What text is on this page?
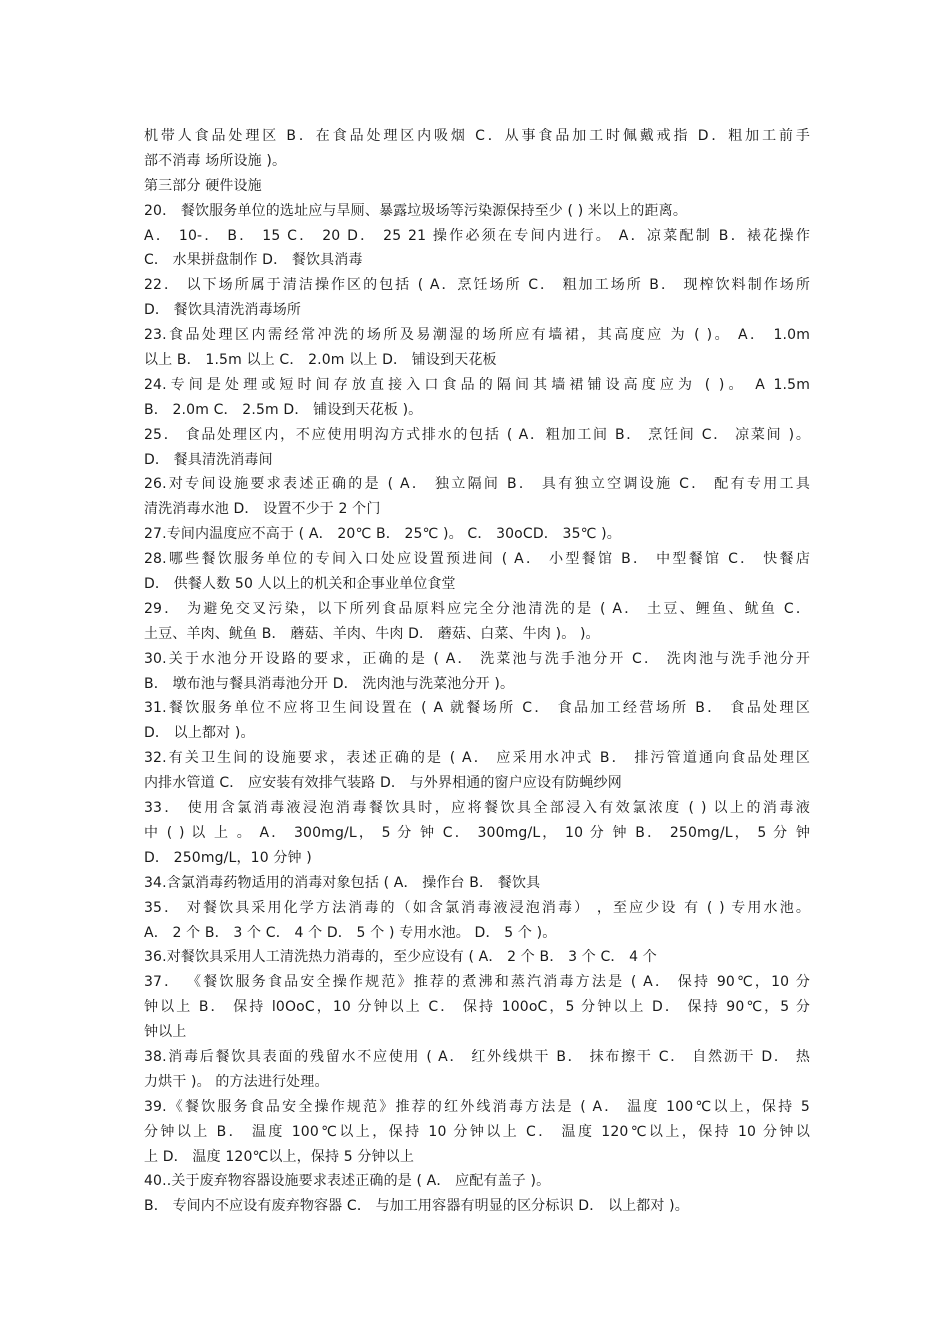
机带人食品处理区 B．在食品处理区内吸烟 C．从事食品加工时佩戴戒指 D．粗加工前手
部不消毒 场所设施 )。
第三部分 硬件设施
20． 餐饮服务单位的选址应与旱厕、暴露垃圾场等污染源保持至少 ( ) 米以上的距离。
A． 10-． B． 15 C． 20 D． 25 21 操作必须在专间内进行。 A．凉菜配制 B．裱花操作
C． 水果拼盘制作 D． 餐饮具消毒
22． 以下场所属于清洁操作区的包括 ( A．烹饪场所 C． 粗加工场所 B． 现榨饮料制作场所
D． 餐饮具清洗消毒场所
23.食品处理区内需经常冲洗的场所及易潮湿的场所应有墙裙，其高度应 为 ( )。 A． 1.0m
以上 B． 1.5m 以上 C． 2.0m 以上 D． 铺设到天花板
24.专间是处理或短时间存放直接入口食品的隔间其墙裙铺设高度应为 ( )。 A 1.5m
B． 2.0m C． 2.5m D． 铺设到天花板 )。
25． 食品处理区内，不应使用明沟方式排水的包括 ( A．粗加工间 B． 烹饪间 C． 凉菜间 )。
D． 餐具清洗消毒间
26.对专间设施要求表述正确的是 ( A． 独立隔间 B． 具有独立空调设施 C． 配有专用工具
清洗消毒水池 D． 设置不少于 2 个门
27.专间内温度应不高于 ( A． 20℃ B． 25℃ )。 C． 30oCD． 35℃ )。
28.哪些餐饮服务单位的专间入口处应设置预进间 ( A． 小型餐馆 B． 中型餐馆 C． 快餐店
D． 供餐人数 50 人以上的机关和企事业单位食堂
29． 为避免交叉污染，以下所列食品原料应完全分池清洗的是 ( A． 土豆、鲤鱼、鱿鱼 C．
土豆、羊肉、鱿鱼 B． 蘑菇、羊肉、牛肉 D． 蘑菇、白菜、牛肉 )。 )。
30.关于水池分开设路的要求，正确的是 ( A． 洗菜池与洗手池分开 C． 洗肉池与洗手池分开
B． 墩布池与餐具消毒池分开 D． 洗肉池与洗菜池分开 )。
31.餐饮服务单位不应将卫生间设置在 ( A 就餐场所 C． 食品加工经营场所 B． 食品处理区
D． 以上都对 )。
32.有关卫生间的设施要求，表述正确的是 ( A． 应采用水冲式 B． 排污管道通向食品处理区
内排水管道 C． 应安装有效排气装路 D． 与外界相通的窗户应设有防蝇纱网
33． 使用含氯消毒液浸泡消毒餐饮具时，应将餐饮具全部浸入有效氯浓度 ( ) 以上的消毒液
中 ( ) 以 上 。 A． 300mg/L， 5 分 钟 C． 300mg/L， 10 分 钟 B． 250mg/L， 5 分 钟
D． 250mg/L，10 分钟 )
34.含氯消毒药物适用的消毒对象包括 ( A． 操作台 B． 餐饮具
35． 对餐饮具采用化学方法消毒的（如含氯消毒液浸泡消毒） ，至应少设 有 ( ) 专用水池。
A． 2 个 B． 3 个 C． 4 个 D． 5 个 ) 专用水池。 D． 5 个 )。
36.对餐饮具采用人工清洗热力消毒的，至少应设有 ( A． 2 个 B． 3 个 C． 4 个
37． 《餐饮服务食品安全操作规范》推荐的煮沸和蒸汽消毒方法是 ( A． 保持 90℃，10 分
钟以上 B． 保持 l0OoC，10 分钟以上 C． 保持 100oC，5 分钟以上 D． 保持 90℃，5 分
钟以上
38.消毒后餐饮具表面的残留水不应使用 ( A． 红外线烘干 B． 抹布擦干 C． 自然沥干 D． 热
力烘干 )。 的方法进行处理。
39.《餐饮服务食品安全操作规范》推荐的红外线消毒方法是 ( A． 温度 100℃以上，保持 5
分钟以上 B． 温度 100℃以上，保持 10 分钟以上 C． 温度 120℃以上，保持 10 分钟以
上 D． 温度 120℃以上，保持 5 分钟以上
40..关于废弃物容器设施要求表述正确的是 ( A． 应配有盖子 )。
B． 专间内不应设有废弃物容器 C． 与加工用容器有明显的区分标识 D． 以上都对 )。
